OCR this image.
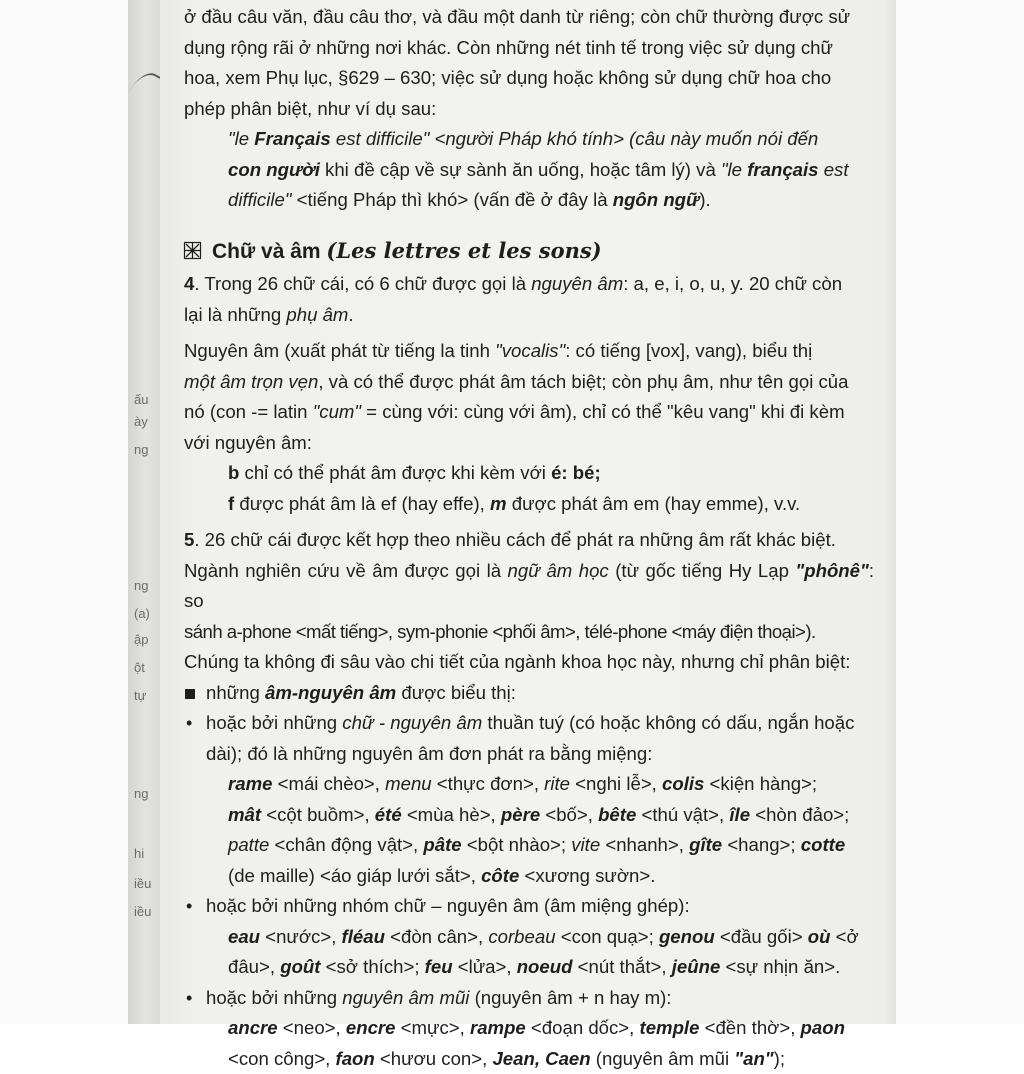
ấu
ày
ng
ng
(a)
ập
ột
tự
ng
hi
iều
iều

ở đầu câu văn, đầu câu thơ, và đầu một danh từ riêng; còn chữ thường được sử
dụng rộng rãi ở những nơi khác. Còn những nét tinh tế trong việc sử dụng chữ
hoa, xem Phụ lục, §629 – 630; việc sử dụng hoặc không sử dụng chữ hoa cho
phép phân biệt, như ví dụ sau:

"le Français est difficile" <người Pháp khó tính> (câu này muốn nói đến
con người khi đề cập về sự sành ăn uống, hoặc tâm lý) và "le français est
difficile" <tiếng Pháp thì khó> (vấn đề ở đây là ngôn ngữ).

Chữ và âm (Les lettres et les sons)

4. Trong 26 chữ cái, có 6 chữ được gọi là nguyên âm: a, e, i, o, u, y. 20 chữ còn
lại là những phụ âm.

Nguyên âm (xuất phát từ tiếng la tinh "vocalis": có tiếng [vox], vang), biểu thị
một âm trọn vẹn, và có thể được phát âm tách biệt; còn phụ âm, như tên gọi của
nó (con -= latin "cum" = cùng với: cùng với âm), chỉ có thể "kêu vang" khi đi kèm
với nguyên âm:

b chỉ có thể phát âm được khi kèm với é: bé;

f được phát âm là ef (hay effe), m được phát âm em (hay emme), v.v.

5. 26 chữ cái được kết hợp theo nhiều cách để phát ra những âm rất khác biệt.
Ngành nghiên cứu về âm được gọi là ngữ âm học (từ gốc tiếng Hy Lạp "phônê": so
sánh a-phone <mất tiếng>, sym-phonie <phối âm>, télé-phone <máy điện thoại>).
Chúng ta không đi sâu vào chi tiết của ngành khoa học này, nhưng chỉ phân biệt:

những âm-nguyên âm được biểu thị:
• hoặc bởi những chữ - nguyên âm thuần tuý (có hoặc không có dấu, ngắn hoặc
dài); đó là những nguyên âm đơn phát ra bằng miệng:

rame <mái chèo>, menu <thực đơn>, rite <nghi lễ>, colis <kiện hàng>;
mât <cột buồm>, été <mùa hè>, père <bố>, bête <thú vật>, île <hòn đảo>;
patte <chân động vật>, pâte <bột nhào>; vite <nhanh>, gîte <hang>; cotte
(de maille) <áo giáp lưới sắt>, côte <xương sườn>.

• hoặc bởi những nhóm chữ – nguyên âm (âm miệng ghép):

eau <nước>, fléau <đòn cân>, corbeau <con quạ>; genou <đầu gối> où <ở
đâu>, goût <sở thích>; feu <lửa>, noeud <nút thắt>, jeûne <sự nhịn ăn>.

• hoặc bởi những nguyên âm mũi (nguyên âm + n hay m):

ancre <neo>, encre <mực>, rampe <đoạn dốc>, temple <đền thờ>, paon
<con công>, faon <hươu con>, Jean, Caen (nguyên âm mũi "an");
